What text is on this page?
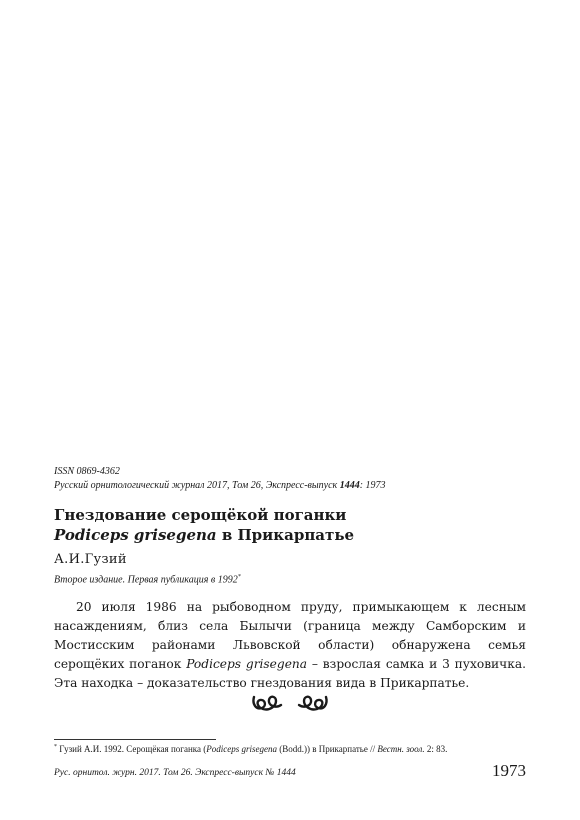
ISSN 0869-4362
Русский орнитологический журнал 2017, Том 26, Экспресс-выпуск 1444: 1973
Гнездование серощёкой поганки
Podiceps grisegena в Прикарпатье
А.И.Гузий
Второе издание. Первая публикация в 1992*
20 июля 1986 на рыбоводном пруду, примыкающем к лесным насаждениям, близ села Былычи (граница между Самборским и Мостисским районами Львовской области) обнаружена семья серощёких поганок Podiceps grisegena – взрослая самка и 3 пуховичка. Эта находка – доказательство гнездования вида в Прикарпатье.
* Гузий А.И. 1992. Серощёкая поганка (Podiceps grisegena (Bodd.)) в Прикарпатье // Вестн. зоол. 2: 83.
Рус. орнитол. журн. 2017. Том 26. Экспресс-выпуск № 1444	1973
